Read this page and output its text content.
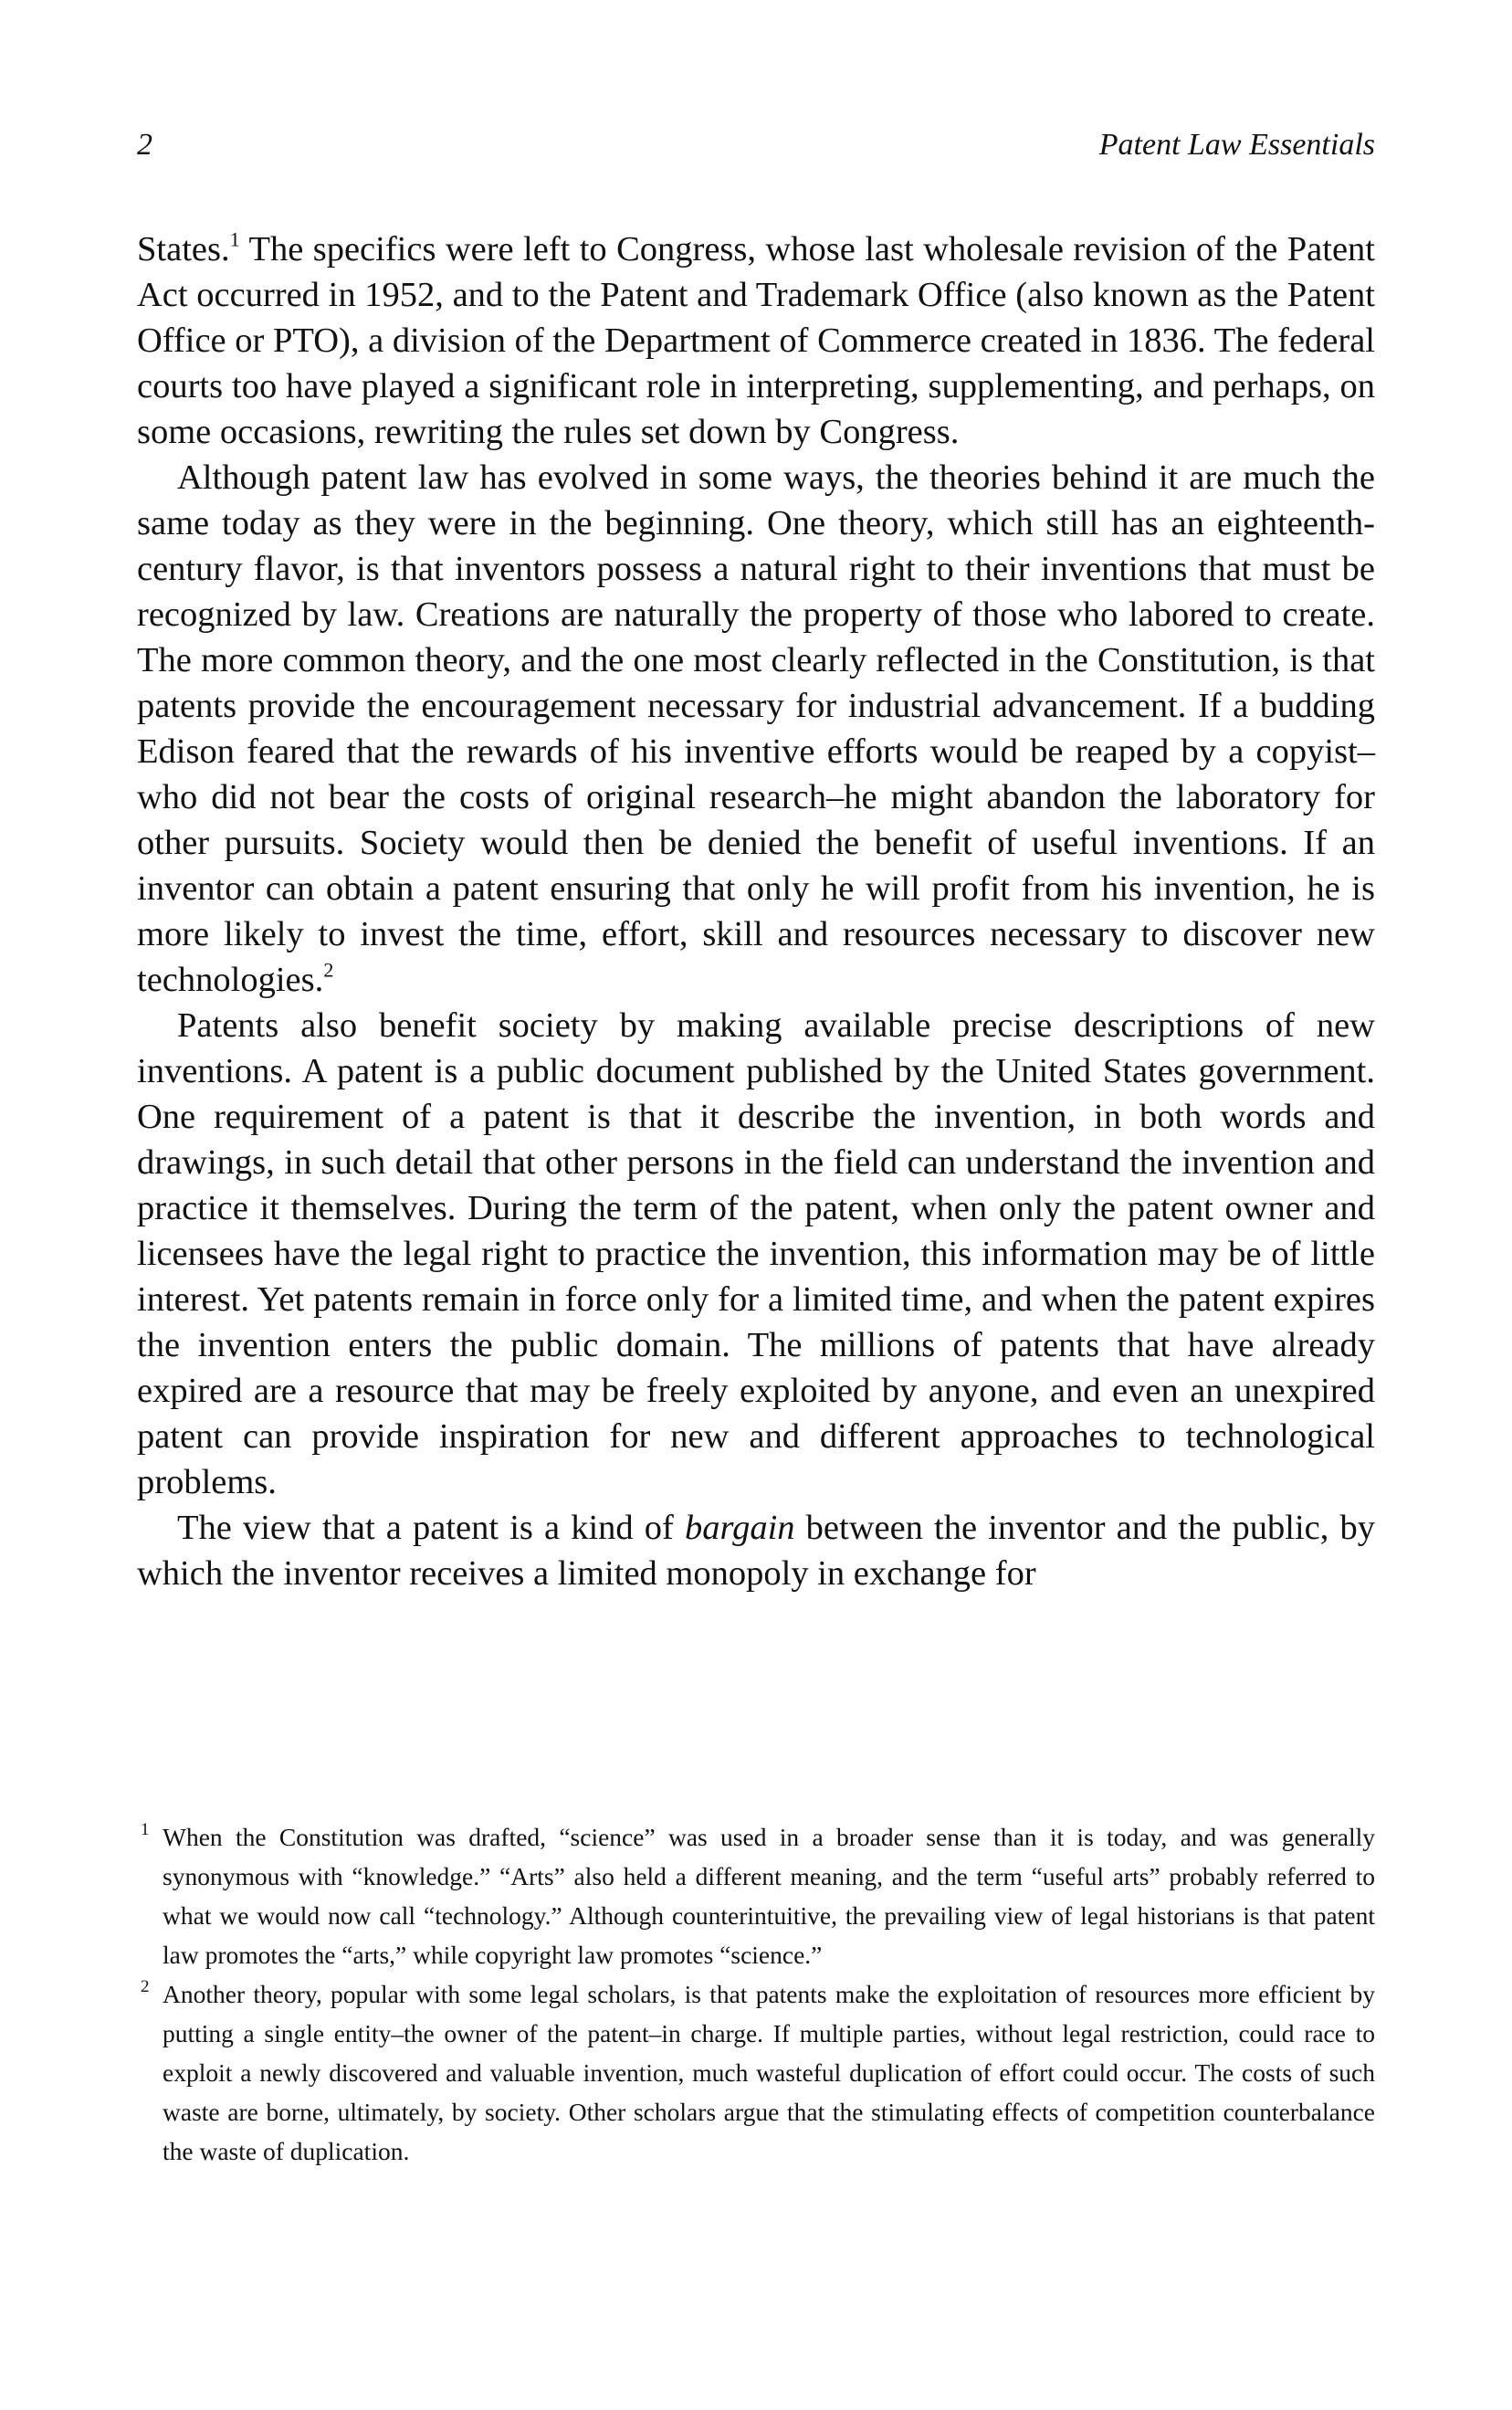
2	Patent Law Essentials

States.$^1$ The specifics were left to Congress, whose last wholesale revision of the Patent Act occurred in 1952, and to the Patent and Trademark Office (also known as the Patent Office or PTO), a division of the Department of Commerce created in 1836. The federal courts too have played a significant role in interpreting, supplementing, and perhaps, on some occasions, rewriting the rules set down by Congress.

Although patent law has evolved in some ways, the theories behind it are much the same today as they were in the beginning. One theory, which still has an eighteenth-century flavor, is that inventors possess a natural right to their inventions that must be recognized by law. Creations are naturally the property of those who labored to create. The more common theory, and the one most clearly reflected in the Constitution, is that patents provide the encouragement necessary for industrial advancement. If a budding Edison feared that the rewards of his inventive efforts would be reaped by a copyist–who did not bear the costs of original research–he might abandon the laboratory for other pursuits. Society would then be denied the benefit of useful inventions. If an inventor can obtain a patent ensuring that only he will profit from his invention, he is more likely to invest the time, effort, skill and resources necessary to discover new technologies.$^2$

Patents also benefit society by making available precise descriptions of new inventions. A patent is a public document published by the United States government. One requirement of a patent is that it describe the invention, in both words and drawings, in such detail that other persons in the field can understand the invention and practice it themselves. During the term of the patent, when only the patent owner and licensees have the legal right to practice the invention, this information may be of little interest. Yet patents remain in force only for a limited time, and when the patent expires the invention enters the public domain. The millions of patents that have already expired are a resource that may be freely exploited by anyone, and even an unexpired patent can provide inspiration for new and different approaches to technological problems.

The view that a patent is a kind of bargain between the inventor and the public, by which the inventor receives a limited monopoly in exchange for

1 When the Constitution was drafted, “science” was used in a broader sense than it is today, and was generally synonymous with “knowledge.” “Arts” also held a different meaning, and the term “useful arts” probably referred to what we would now call “technology.” Although counterintuitive, the prevailing view of legal historians is that patent law promotes the “arts,” while copyright law promotes “science.”

2 Another theory, popular with some legal scholars, is that patents make the exploitation of resources more efficient by putting a single entity–the owner of the patent–in charge. If multiple parties, without legal restriction, could race to exploit a newly discovered and valuable invention, much wasteful duplication of effort could occur. The costs of such waste are borne, ultimately, by society. Other scholars argue that the stimulating effects of competition counterbalance the waste of duplication.
